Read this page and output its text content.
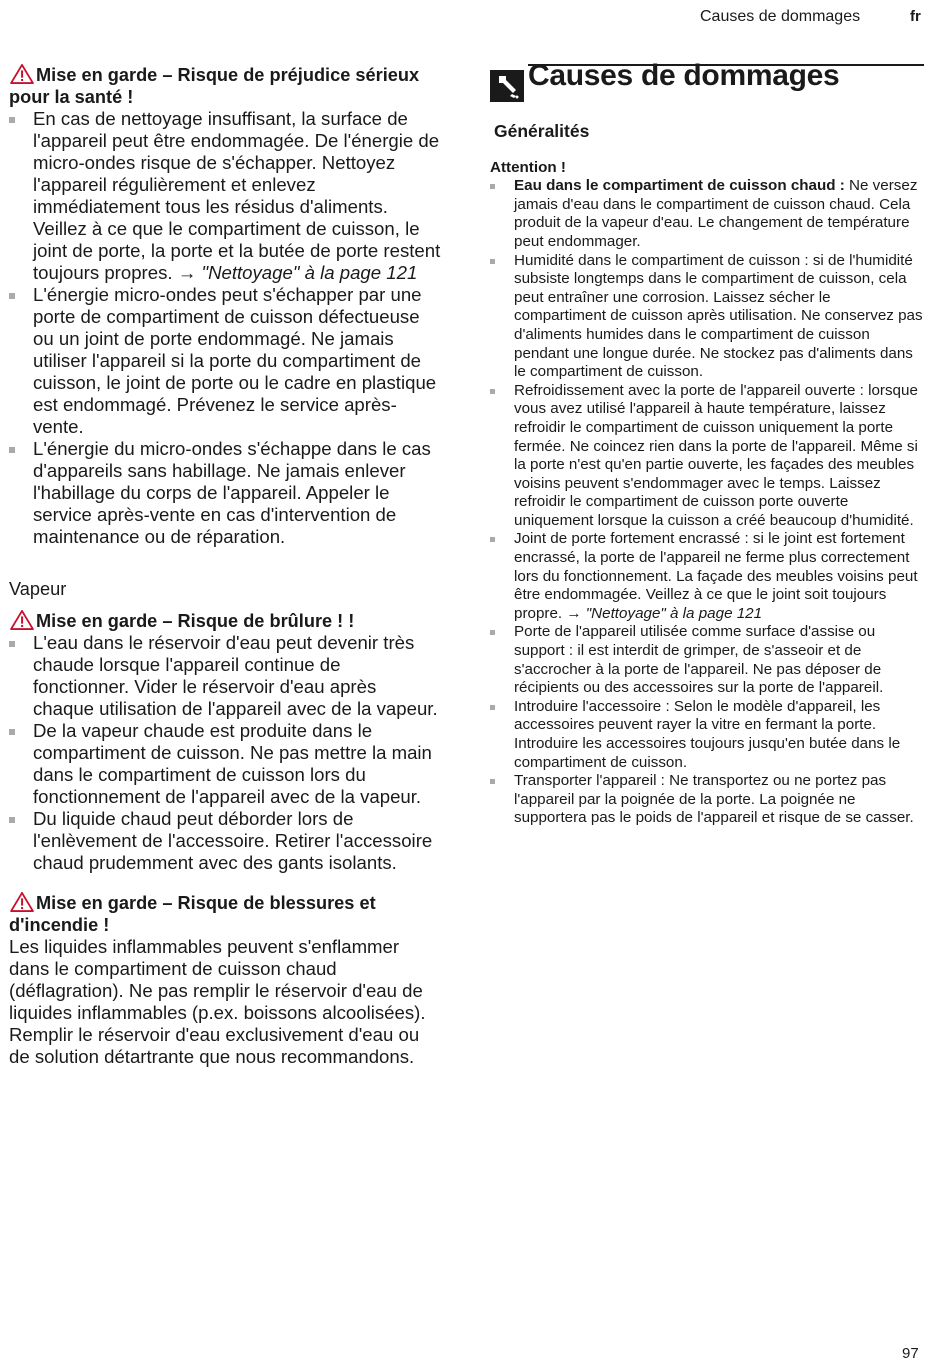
Causes de dommages	fr
Mise en garde – Risque de préjudice sérieux pour la santé !
En cas de nettoyage insuffisant, la surface de l'appareil peut être endommagée. De l'énergie de micro-ondes risque de s'échapper. Nettoyez l'appareil régulièrement et enlevez immédiatement tous les résidus d'aliments. Veillez à ce que le compartiment de cuisson, le joint de porte, la porte et la butée de porte restent toujours propres. → "Nettoyage" à la page 121
L'énergie micro-ondes peut s'échapper par une porte de compartiment de cuisson défectueuse ou un joint de porte endommagé. Ne jamais utiliser l'appareil si la porte du compartiment de cuisson, le joint de porte ou le cadre en plastique est endommagé. Prévenez le service après-vente.
L'énergie du micro-ondes s'échappe dans le cas d'appareils sans habillage. Ne jamais enlever l'habillage du corps de l'appareil. Appeler le service après-vente en cas d'intervention de maintenance ou de réparation.
Vapeur
Mise en garde – Risque de brûlure ! !
L'eau dans le réservoir d'eau peut devenir très chaude lorsque l'appareil continue de fonctionner. Vider le réservoir d'eau après chaque utilisation de l'appareil avec de la vapeur.
De la vapeur chaude est produite dans le compartiment de cuisson. Ne pas mettre la main dans le compartiment de cuisson lors du fonctionnement de l'appareil avec de la vapeur.
Du liquide chaud peut déborder lors de l'enlèvement de l'accessoire. Retirer l'accessoire chaud prudemment avec des gants isolants.
Mise en garde – Risque de blessures et d'incendie !
Les liquides inflammables peuvent s'enflammer dans le compartiment de cuisson chaud (déflagration). Ne pas remplir le réservoir d'eau de liquides inflammables (p.ex. boissons alcoolisées). Remplir le réservoir d'eau exclusivement d'eau ou de solution détartrante que nous recommandons.
Causes de dommages
Généralités
Attention !
Eau dans le compartiment de cuisson chaud : Ne versez jamais d'eau dans le compartiment de cuisson chaud. Cela produit de la vapeur d'eau. Le changement de température peut endommager.
Humidité dans le compartiment de cuisson : si de l'humidité subsiste longtemps dans le compartiment de cuisson, cela peut entraîner une corrosion. Laissez sécher le compartiment de cuisson après utilisation. Ne conservez pas d'aliments humides dans le compartiment de cuisson pendant une longue durée. Ne stockez pas d'aliments dans le compartiment de cuisson.
Refroidissement avec la porte de l'appareil ouverte : lorsque vous avez utilisé l'appareil à haute température, laissez refroidir le compartiment de cuisson uniquement la porte fermée. Ne coincez rien dans la porte de l'appareil. Même si la porte n'est qu'en partie ouverte, les façades des meubles voisins peuvent s'endommager avec le temps. Laissez refroidir le compartiment de cuisson porte ouverte uniquement lorsque la cuisson a créé beaucoup d'humidité.
Joint de porte fortement encrassé : si le joint est fortement encrassé, la porte de l'appareil ne ferme plus correctement lors du fonctionnement. La façade des meubles voisins peut être endommagée. Veillez à ce que le joint soit toujours propre. → "Nettoyage" à la page 121
Porte de l'appareil utilisée comme surface d'assise ou support : il est interdit de grimper, de s'asseoir et de s'accrocher à la porte de l'appareil. Ne pas déposer de récipients ou des accessoires sur la porte de l'appareil.
Introduire l'accessoire : Selon le modèle d'appareil, les accessoires peuvent rayer la vitre en fermant la porte. Introduire les accessoires toujours jusqu'en butée dans le compartiment de cuisson.
Transporter l'appareil : Ne transportez ou ne portez pas l'appareil par la poignée de la porte. La poignée ne supportera pas le poids de l'appareil et risque de se casser.
97
